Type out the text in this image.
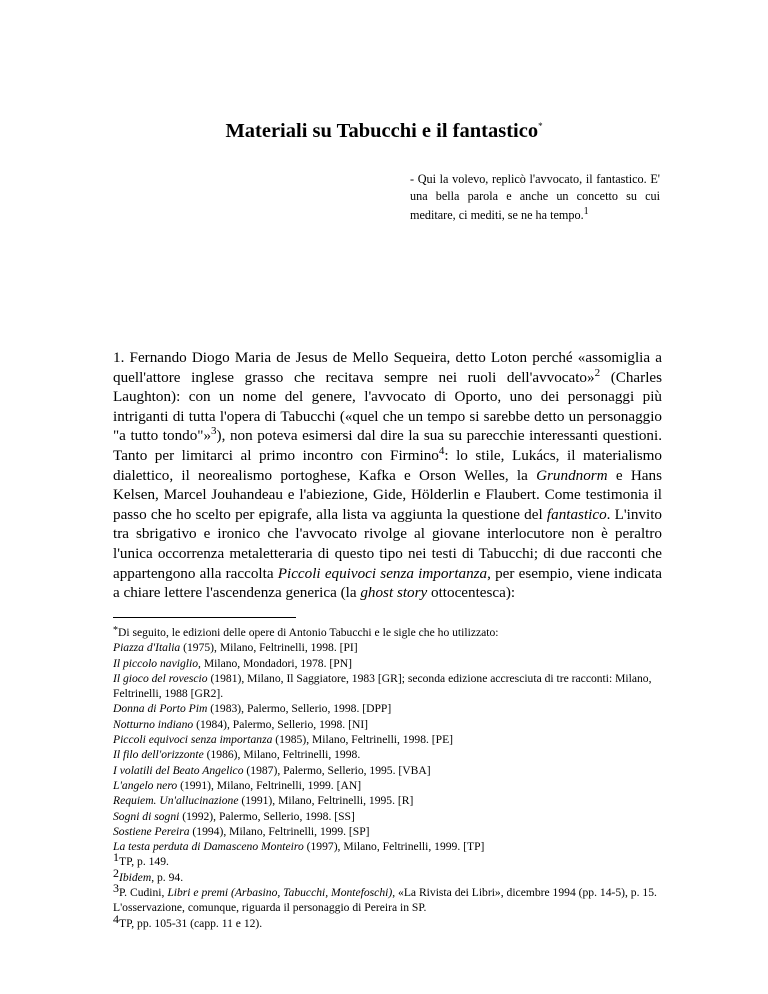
Materiali su Tabucchi e il fantastico*
- Qui la volevo, replicò l'avvocato, il fantastico. E' una bella parola e anche un concetto su cui meditare, ci mediti, se ne ha tempo.$^1$
1. Fernando Diogo Maria de Jesus de Mello Sequeira, detto Loton perché «assomiglia a quell'attore inglese grasso che recitava sempre nei ruoli dell'avvocato»$^2$ (Charles Laughton): con un nome del genere, l'avvocato di Oporto, uno dei personaggi più intriganti di tutta l'opera di Tabucchi («quel che un tempo si sarebbe detto un personaggio "a tutto tondo"»$^3$), non poteva esimersi dal dire la sua su parecchie interessanti questioni. Tanto per limitarci al primo incontro con Firmino$^4$: lo stile, Lukács, il materialismo dialettico, il neorealismo portoghese, Kafka e Orson Welles, la Grundnorm e Hans Kelsen, Marcel Jouhandeau e l'abiezione, Gide, Hölderlin e Flaubert. Come testimonia il passo che ho scelto per epigrafe, alla lista va aggiunta la questione del fantastico. L'invito tra sbrigativo e ironico che l'avvocato rivolge al giovane interlocutore non è peraltro l'unica occorrenza metaletteraria di questo tipo nei testi di Tabucchi; di due racconti che appartengono alla raccolta Piccoli equivoci senza importanza, per esempio, viene indicata a chiare lettere l'ascendenza generica (la ghost story ottocentesca):

*Di seguito, le edizioni delle opere di Antonio Tabucchi e le sigle che ho utilizzato:

Piazza d'Italia (1975), Milano, Feltrinelli, 1998. [PI]

Il piccolo naviglio, Milano, Mondadori, 1978. [PN]

Il gioco del rovescio (1981), Milano, Il Saggiatore, 1983 [GR]; seconda edizione accresciuta di tre racconti: Milano, Feltrinelli, 1988 [GR2].

Donna di Porto Pim (1983), Palermo, Sellerio, 1998. [DPP]

Notturno indiano (1984), Palermo, Sellerio, 1998. [NI]

Piccoli equivoci senza importanza (1985), Milano, Feltrinelli, 1998. [PE]

Il filo dell'orizzonte (1986), Milano, Feltrinelli, 1998.

I volatili del Beato Angelico (1987), Palermo, Sellerio, 1995. [VBA]

L'angelo nero (1991), Milano, Feltrinelli, 1999. [AN]

Requiem. Un'allucinazione (1991), Milano, Feltrinelli, 1995. [R]

Sogni di sogni (1992), Palermo, Sellerio, 1998. [SS]

Sostiene Pereira (1994), Milano, Feltrinelli, 1999. [SP]

La testa perduta di Damasceno Monteiro (1997), Milano, Feltrinelli, 1999. [TP]

$^1$TP, p. 149.

$^2$Ibidem, p. 94.

$^3$P. Cudini, Libri e premi (Arbasino, Tabucchi, Montefoschi), «La Rivista dei Libri», dicembre 1994 (pp. 14-5), p. 15. L'osservazione, comunque, riguarda il personaggio di Pereira in SP.

$^4$TP, pp. 105-31 (capp. 11 e 12).
